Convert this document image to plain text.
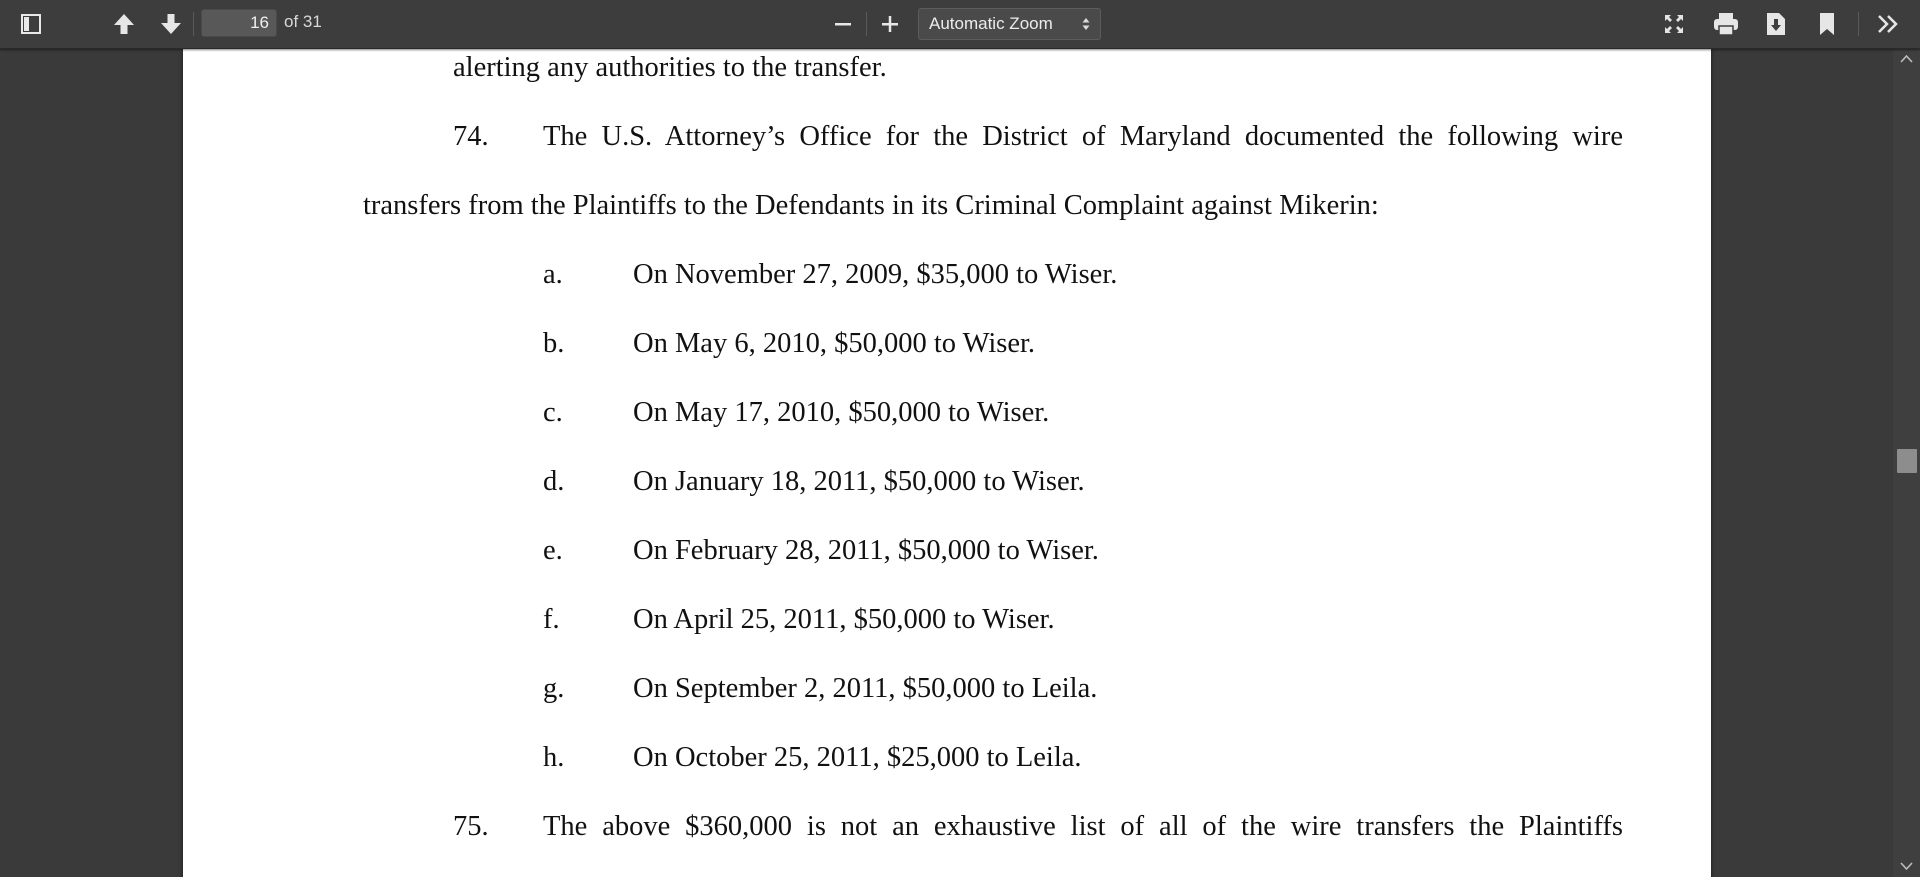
16
of 31	Automatic Zoom
alerting any authorities to the transfer.
74. The U.S. Attorney’s Office for the District of Maryland documented the following wire
transfers from the Plaintiffs to the Defendants in its Criminal Complaint against Mikerin:
a. On November 27, 2009, $35,000 to Wiser.
b. On May 6, 2010, $50,000 to Wiser.
c. On May 17, 2010, $50,000 to Wiser.
d. On January 18, 2011, $50,000 to Wiser.
e. On February 28, 2011, $50,000 to Wiser.
f.	On April 25, 2011, $50,000 to Wiser.
g. On September 2, 2011, $50,000 to Leila.
h. On October 25, 2011, $25,000 to Leila.
75. The above $360,000 is not an exhaustive list of all of the wire transfers the Plaintiffs
